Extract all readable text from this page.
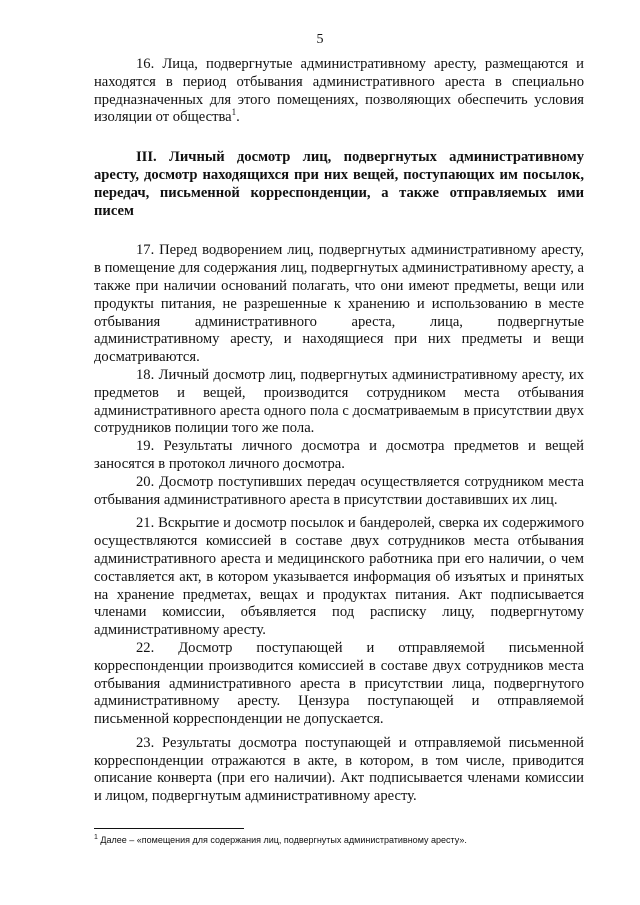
5

16. Лица, подвергнутые административному аресту, размещаются и находятся в период отбывания административного ареста в специально предназначенных для этого помещениях, позволяющих обеспечить условия изоляции от общества$^1$.

III. Личный досмотр лиц, подвергнутых административному аресту, досмотр находящихся при них вещей, поступающих им посылок, передач, письменной корреспонденции, а также отправляемых ими писем

17. Перед водворением лиц, подвергнутых административному аресту, в помещение для содержания лиц, подвергнутых административному аресту, а также при наличии оснований полагать, что они имеют предметы, вещи или продукты питания, не разрешенные к хранению и использованию в месте отбывания административного ареста, лица, подвергнутые административному аресту, и находящиеся при них предметы и вещи досматриваются.

18. Личный досмотр лиц, подвергнутых административному аресту, их предметов и вещей, производится сотрудником места отбывания административного ареста одного пола с досматриваемым в присутствии двух сотрудников полиции того же пола.

19. Результаты личного досмотра и досмотра предметов и вещей заносятся в протокол личного досмотра.

20. Досмотр поступивших передач осуществляется сотрудником места отбывания административного ареста в присутствии доставивших их лиц.

21. Вскрытие и досмотр посылок и бандеролей, сверка их содержимого осуществляются комиссией в составе двух сотрудников места отбывания административного ареста и медицинского работника при его наличии, о чем составляется акт, в котором указывается информация об изъятых и принятых на хранение предметах, вещах и продуктах питания. Акт подписывается членами комиссии, объявляется под расписку лицу, подвергнутому административному аресту.

22. Досмотр поступающей и отправляемой письменной корреспонденции производится комиссией в составе двух сотрудников места отбывания административного ареста в присутствии лица, подвергнутого административному аресту. Цензура поступающей и отправляемой письменной корреспонденции не допускается.

23. Результаты досмотра поступающей и отправляемой письменной корреспонденции отражаются в акте, в котором, в том числе, приводится описание конверта (при его наличии). Акт подписывается членами комиссии и лицом, подвергнутым административному аресту.

$^1$ Далее – «помещения для содержания лиц, подвергнутых административному аресту».
